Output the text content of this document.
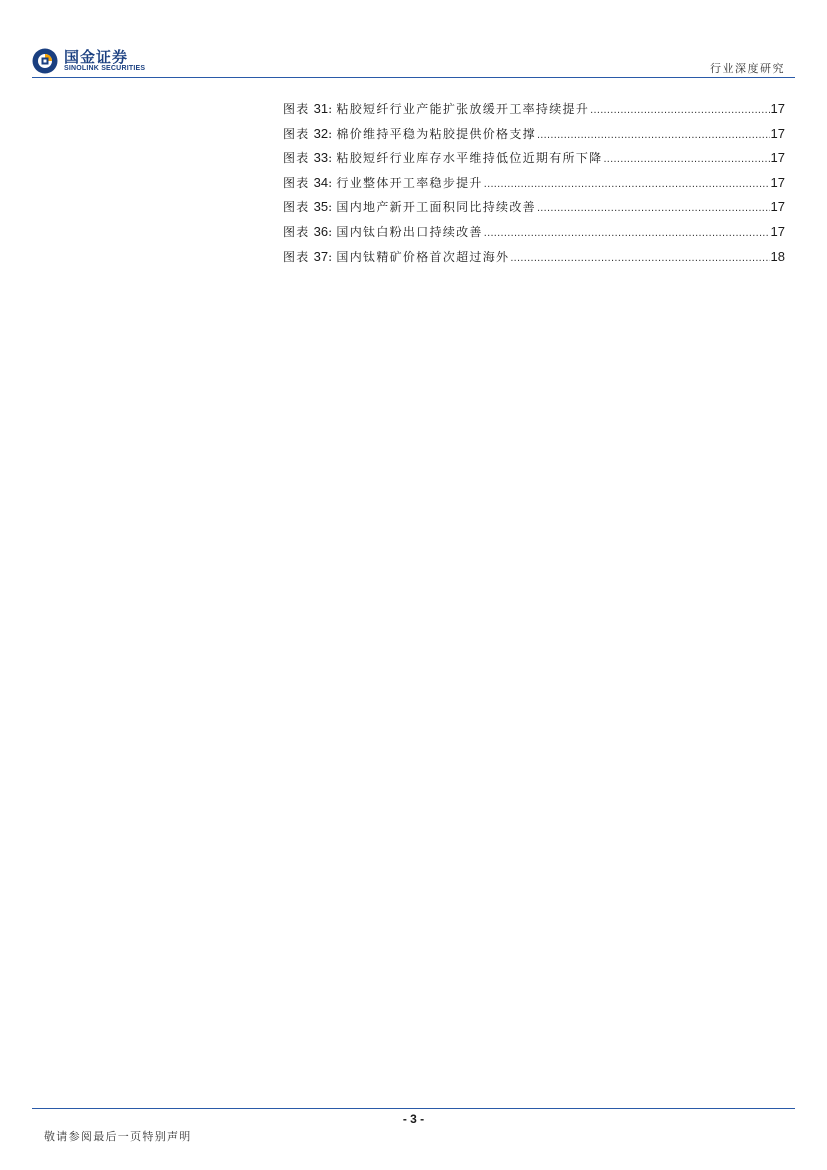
国金证券
SINOLINK SECURITIES	行业深度研究
图表 31 : 粘胶短纤行业产能扩张放缓开工率持续提升 .....	17
图表 32 : 棉价维持平稳为粘胶提供价格支撑 .....	17
图表 33 : 粘胶短纤行业库存水平维持低位近期有所下降 .....	17
图表 34 : 行业整体开工率稳步提升 .....	17
图表 35 : 国内地产新开工面积同比持续改善 .....	17
图表 36 : 国内钛白粉出口持续改善 .....	17
图表 37 : 国内钛精矿价格首次超过海外 .....	18
- 3 -
敬请参阅最后一页特别声明
